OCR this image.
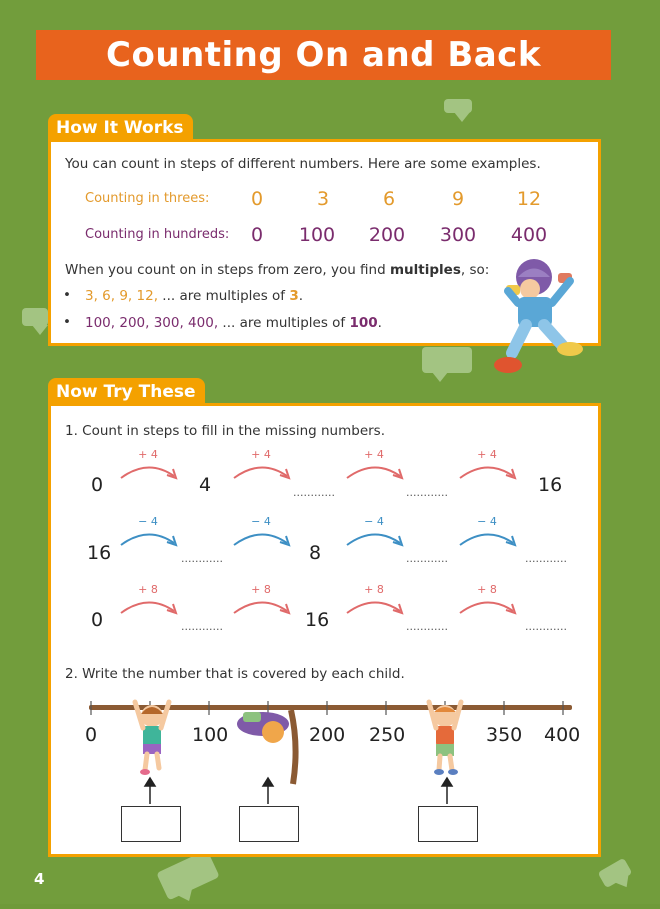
Counting On and Back
How It Works
You can count in steps of different numbers. Here are some examples.
Counting in threes:	0	3	6	9	12
Counting in hundreds:	0	100	200	300	400
When you count on in steps from zero, you find multiples, so:
• 3, 6, 9, 12, ... are multiples of 3.
• 100, 200, 300, 400, ... are multiples of 100.
Now Try These
1. Count in steps to fill in the missing numbers.
0	4	............	............	16
16	............	8	............	............
0	............	16	............	............
2. Write the number that is covered by each child.
0	100	200 250	350 400
+ 4	+ 4	+ 4	+ 4
− 4	− 4	− 4	− 4
+ 8	+ 8	+ 8	+ 8
4
